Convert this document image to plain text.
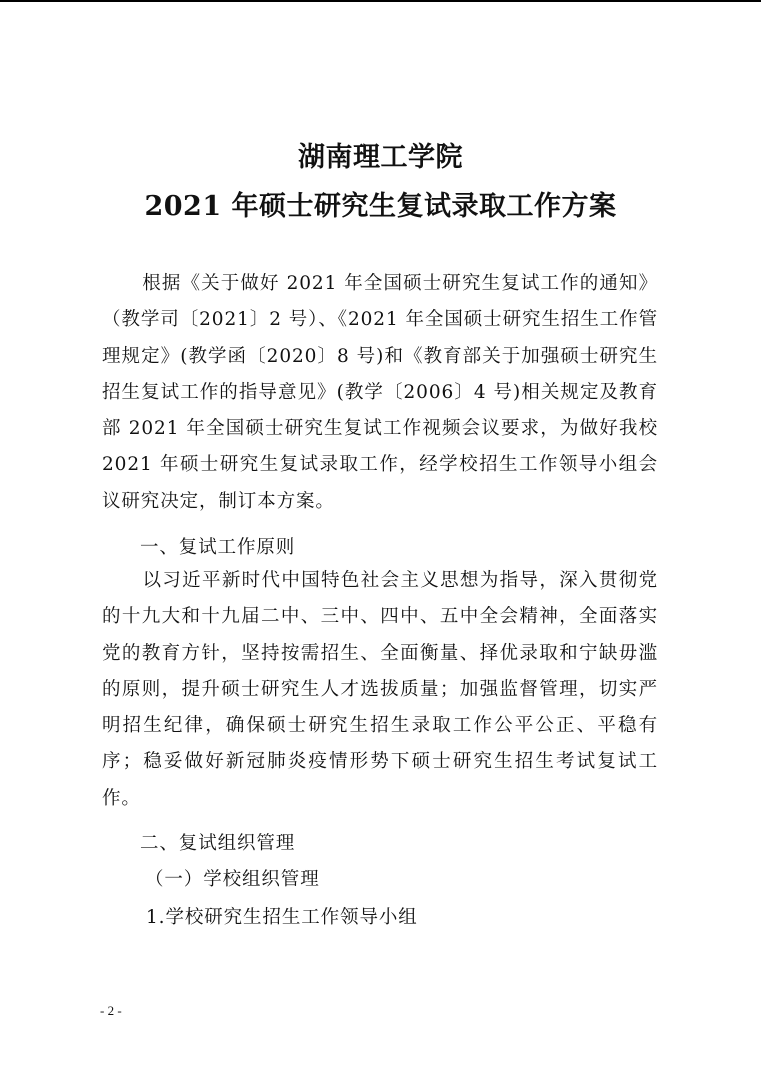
湖南理工学院
2021 年硕士研究生复试录取工作方案
根据《关于做好 2021 年全国硕士研究生复试工作的通知》（教学司〔2021〕2 号）、《2021 年全国硕士研究生招生工作管理规定》(教学函〔2020〕8 号)和《教育部关于加强硕士研究生招生复试工作的指导意见》(教学〔2006〕4 号)相关规定及教育部 2021 年全国硕士研究生复试工作视频会议要求，为做好我校 2021 年硕士研究生复试录取工作，经学校招生工作领导小组会议研究决定，制订本方案。
一、复试工作原则
以习近平新时代中国特色社会主义思想为指导，深入贯彻党的十九大和十九届二中、三中、四中、五中全会精神，全面落实党的教育方针，坚持按需招生、全面衡量、择优录取和宁缺毋滥的原则，提升硕士研究生人才选拔质量；加强监督管理，切实严明招生纪律，确保硕士研究生招生录取工作公平公正、平稳有序；稳妥做好新冠肺炎疫情形势下硕士研究生招生考试复试工作。
二、复试组织管理
（一）学校组织管理
1.学校研究生招生工作领导小组
- 2 -
